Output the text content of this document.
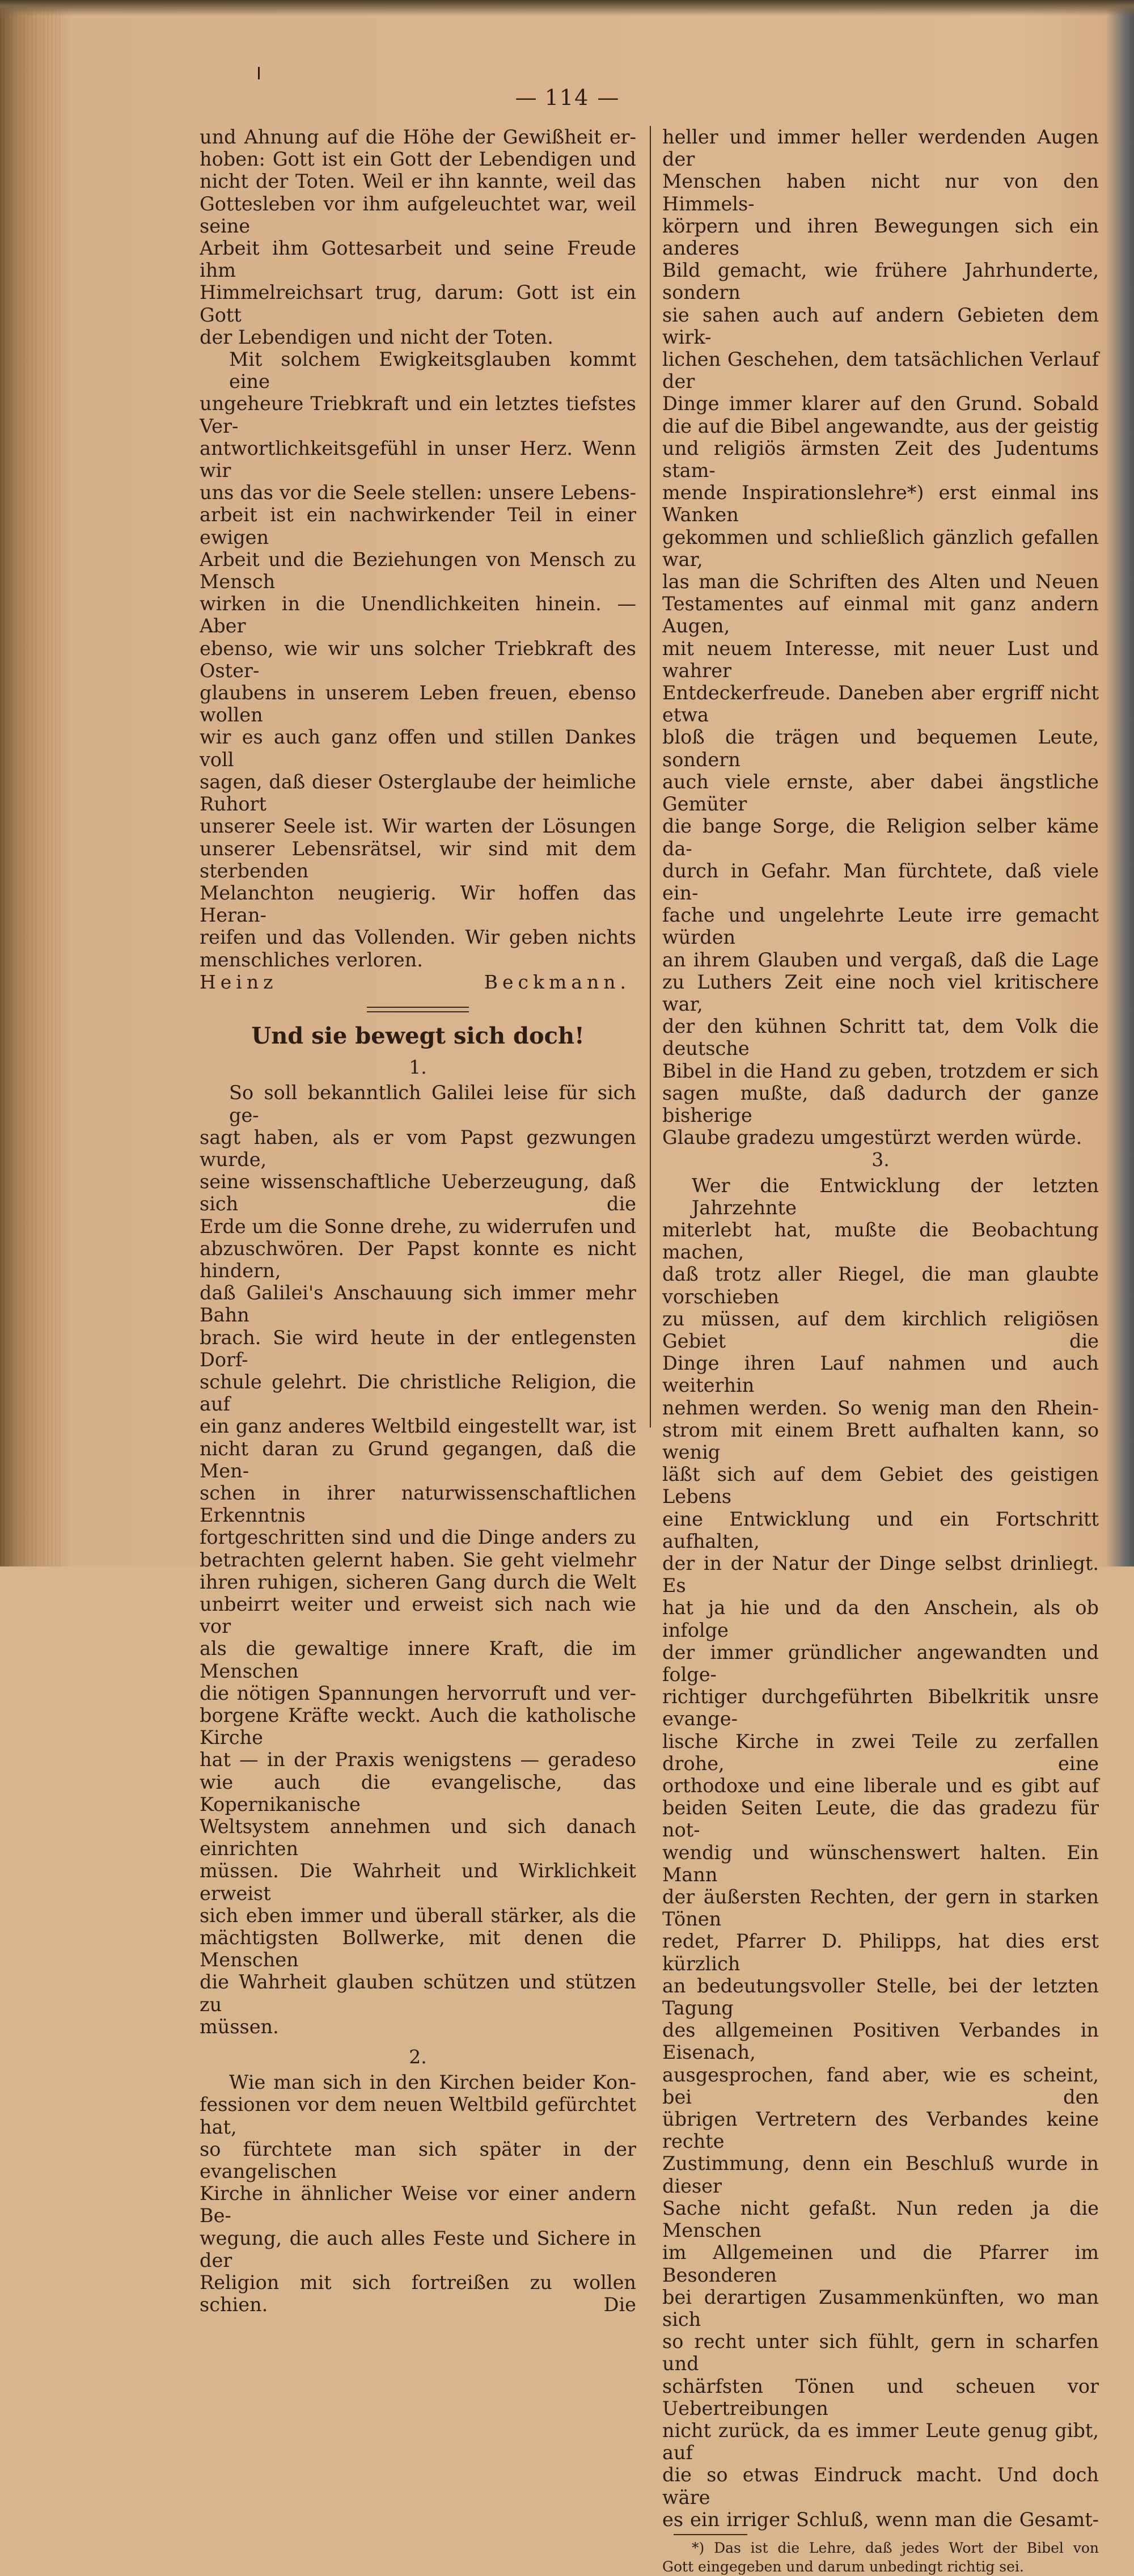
— 114 —
und Ahnung auf die Höhe der Gewißheit er-
hoben: Gott ist ein Gott der Lebendigen und
nicht der Toten. Weil er ihn kannte, weil das
Gottesleben vor ihm aufgeleuchtet war, weil seine
Arbeit ihm Gottesarbeit und seine Freude ihm
Himmelreichsart trug, darum: Gott ist ein Gott
der Lebendigen und nicht der Toten.
Mit solchem Ewigkeitsglauben kommt eine
ungeheure Triebkraft und ein letztes tiefstes Ver-
antwortlichkeitsgefühl in unser Herz. Wenn wir
uns das vor die Seele stellen: unsere Lebens-
arbeit ist ein nachwirkender Teil in einer ewigen
Arbeit und die Beziehungen von Mensch zu Mensch
wirken in die Unendlichkeiten hinein. — Aber
ebenso, wie wir uns solcher Triebkraft des Oster-
glaubens in unserem Leben freuen, ebenso wollen
wir es auch ganz offen und stillen Dankes voll
sagen, daß dieser Osterglaube der heimliche Ruhort
unserer Seele ist. Wir warten der Lösungen
unserer Lebensrätsel, wir sind mit dem sterbenden
Melanchton neugierig. Wir hoffen das Heran-
reifen und das Vollenden. Wir geben nichts
menschliches verloren.
Heinz Beckmann.
Und sie bewegt sich doch!
1.
So soll bekanntlich Galilei leise für sich ge-
sagt haben, als er vom Papst gezwungen wurde,
seine wissenschaftliche Ueberzeugung, daß sich die
Erde um die Sonne drehe, zu widerrufen und
abzuschwören. Der Papst konnte es nicht hindern,
daß Galilei's Anschauung sich immer mehr Bahn
brach. Sie wird heute in der entlegensten Dorf-
schule gelehrt. Die christliche Religion, die auf
ein ganz anderes Weltbild eingestellt war, ist
nicht daran zu Grund gegangen, daß die Men-
schen in ihrer naturwissenschaftlichen Erkenntnis
fortgeschritten sind und die Dinge anders zu
betrachten gelernt haben. Sie geht vielmehr
ihren ruhigen, sicheren Gang durch die Welt
unbeirrt weiter und erweist sich nach wie vor
als die gewaltige innere Kraft, die im Menschen
die nötigen Spannungen hervorruft und ver-
borgene Kräfte weckt. Auch die katholische Kirche
hat — in der Praxis wenigstens — geradeso
wie auch die evangelische, das Kopernikanische
Weltsystem annehmen und sich danach einrichten
müssen. Die Wahrheit und Wirklichkeit erweist
sich eben immer und überall stärker, als die
mächtigsten Bollwerke, mit denen die Menschen
die Wahrheit glauben schützen und stützen zu
müssen.
2.
Wie man sich in den Kirchen beider Kon-
fessionen vor dem neuen Weltbild gefürchtet hat,
so fürchtete man sich später in der evangelischen
Kirche in ähnlicher Weise vor einer andern Be-
wegung, die auch alles Feste und Sichere in der
Religion mit sich fortreißen zu wollen schien. Die
heller und immer heller werdenden Augen der
Menschen haben nicht nur von den Himmels-
körpern und ihren Bewegungen sich ein anderes
Bild gemacht, wie frühere Jahrhunderte, sondern
sie sahen auch auf andern Gebieten dem wirk-
lichen Geschehen, dem tatsächlichen Verlauf der
Dinge immer klarer auf den Grund. Sobald
die auf die Bibel angewandte, aus der geistig
und religiös ärmsten Zeit des Judentums stam-
mende Inspirationslehre*) erst einmal ins Wanken
gekommen und schließlich gänzlich gefallen war,
las man die Schriften des Alten und Neuen
Testamentes auf einmal mit ganz andern Augen,
mit neuem Interesse, mit neuer Lust und wahrer
Entdeckerfreude. Daneben aber ergriff nicht etwa
bloß die trägen und bequemen Leute, sondern
auch viele ernste, aber dabei ängstliche Gemüter
die bange Sorge, die Religion selber käme da-
durch in Gefahr. Man fürchtete, daß viele ein-
fache und ungelehrte Leute irre gemacht würden
an ihrem Glauben und vergaß, daß die Lage
zu Luthers Zeit eine noch viel kritischere war,
der den kühnen Schritt tat, dem Volk die deutsche
Bibel in die Hand zu geben, trotzdem er sich
sagen mußte, daß dadurch der ganze bisherige
Glaube gradezu umgestürzt werden würde.
3.
Wer die Entwicklung der letzten Jahrzehnte
miterlebt hat, mußte die Beobachtung machen,
daß trotz aller Riegel, die man glaubte vorschieben
zu müssen, auf dem kirchlich religiösen Gebiet die
Dinge ihren Lauf nahmen und auch weiterhin
nehmen werden. So wenig man den Rhein-
strom mit einem Brett aufhalten kann, so wenig
läßt sich auf dem Gebiet des geistigen Lebens
eine Entwicklung und ein Fortschritt aufhalten,
der in der Natur der Dinge selbst drinliegt. Es
hat ja hie und da den Anschein, als ob infolge
der immer gründlicher angewandten und folge-
richtiger durchgeführten Bibelkritik unsre evange-
lische Kirche in zwei Teile zu zerfallen drohe, eine
orthodoxe und eine liberale und es gibt auf
beiden Seiten Leute, die das gradezu für not-
wendig und wünschenswert halten. Ein Mann
der äußersten Rechten, der gern in starken Tönen
redet, Pfarrer D. Philipps, hat dies erst kürzlich
an bedeutungsvoller Stelle, bei der letzten Tagung
des allgemeinen Positiven Verbandes in Eisenach,
ausgesprochen, fand aber, wie es scheint, bei den
übrigen Vertretern des Verbandes keine rechte
Zustimmung, denn ein Beschluß wurde in dieser
Sache nicht gefaßt. Nun reden ja die Menschen
im Allgemeinen und die Pfarrer im Besonderen
bei derartigen Zusammenkünften, wo man sich
so recht unter sich fühlt, gern in scharfen und
schärfsten Tönen und scheuen vor Uebertreibungen
nicht zurück, da es immer Leute genug gibt, auf
die so etwas Eindruck macht. Und doch wäre
es ein irriger Schluß, wenn man die Gesamt-
*) Das ist die Lehre, daß jedes Wort der Bibel von
Gott eingegeben und darum unbedingt richtig sei.
